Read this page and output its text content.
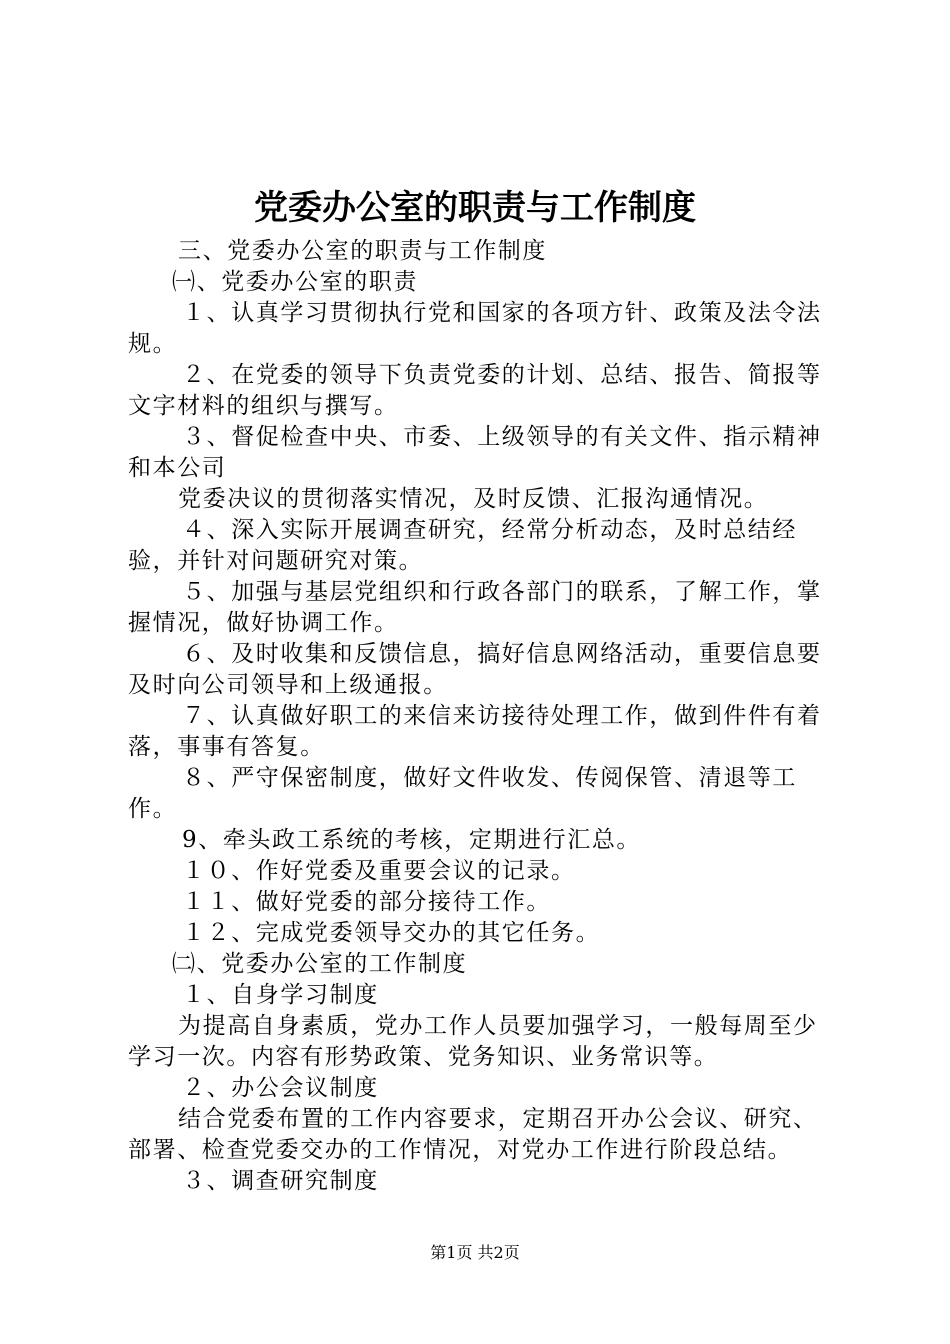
党委办公室的职责与工作制度

三、党委办公室的职责与工作制度

㈠、党委办公室的职责

１、认真学习贯彻执行党和国家的各项方针、政策及法令法规。

２、在党委的领导下负责党委的计划、总结、报告、简报等文字材料的组织与撰写。

３、督促检查中央、市委、上级领导的有关文件、指示精神和本公司

党委决议的贯彻落实情况，及时反馈、汇报沟通情况。

４、深入实际开展调查研究，经常分析动态，及时总结经验，并针对问题研究对策。

５、加强与基层党组织和行政各部门的联系，了解工作，掌握情况，做好协调工作。

６、及时收集和反馈信息，搞好信息网络活动，重要信息要及时向公司领导和上级通报。

７、认真做好职工的来信来访接待处理工作，做到件件有着落，事事有答复。

８、严守保密制度，做好文件收发、传阅保管、清退等工作。

9、牵头政工系统的考核，定期进行汇总。

１０、作好党委及重要会议的记录。

１１、做好党委的部分接待工作。

１２、完成党委领导交办的其它任务。

㈡、党委办公室的工作制度

１、自身学习制度

为提高自身素质，党办工作人员要加强学习，一般每周至少学习一次。内容有形势政策、党务知识、业务常识等。

２、办公会议制度

结合党委布置的工作内容要求，定期召开办公会议、研究、部署、检查党委交办的工作情况，对党办工作进行阶段总结。

３、调查研究制度

第1页 共2页
